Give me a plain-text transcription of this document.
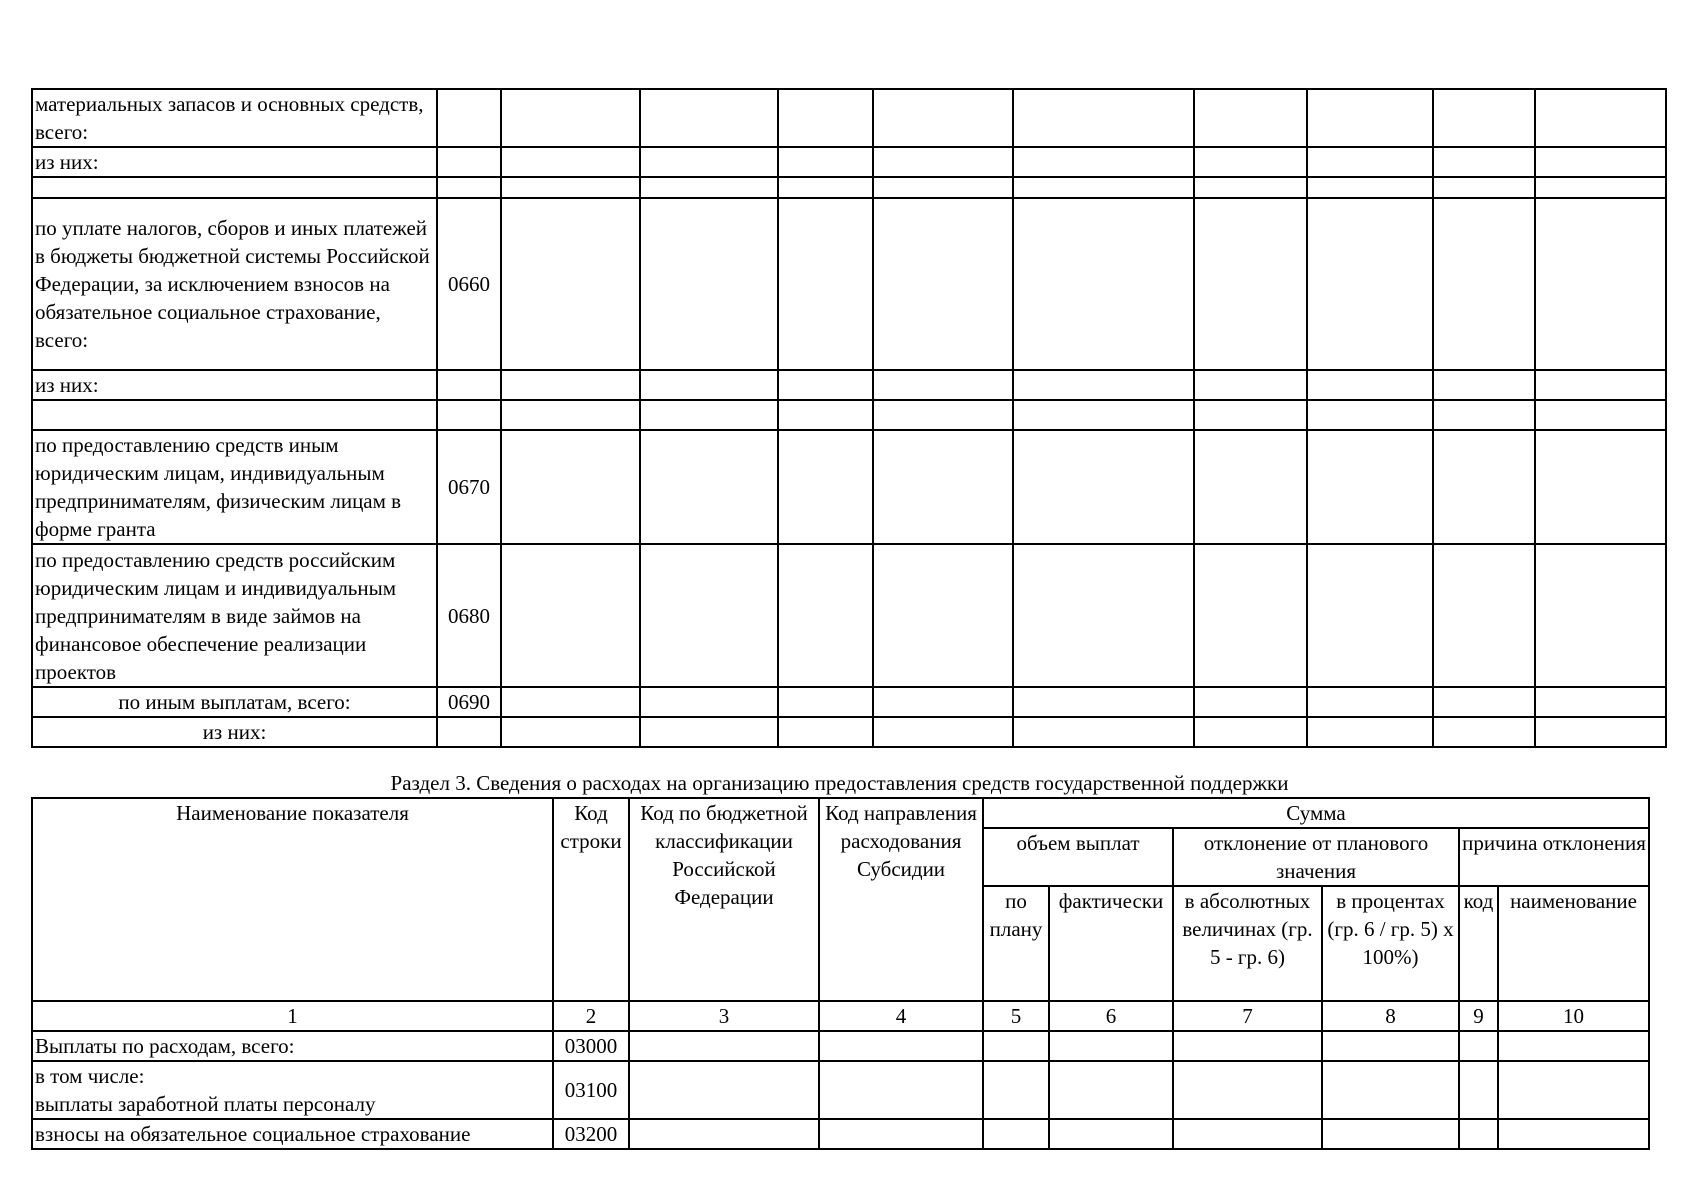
материальных запасов и основных средств, всего:										
из них:										

по уплате налогов, сборов и иных платежей в бюджеты бюджетной системы Российской Федерации, за исключением взносов на обязательное социальное страхование, всего:	0660									
из них:										

по предоставлению средств иным юридическим лицам, индивидуальным предпринимателям, физическим лицам в форме гранта	0670									
по предоставлению средств российским юридическим лицам и индивидуальным предпринимателям в виде займов на финансовое обеспечение реализации проектов	0680									
по иным выплатам, всего:	0690									
из них:										
Раздел 3. Сведения о расходах на организацию предоставления средств государственной поддержки
Наименование показателя	Код строки	Код по бюджетной классификации Российской Федерации	Код направления расходования Субсидии	Сумма					
				объем выплат		отклонение от планового значения		причина отклонения	
				по плану	фактически	в абсолютных величинах (гр. 5 - гр. 6)	в процентах (гр. 6 / гр. 5) x 100%)	код	наименование
1	2	3	4	5	6	7	8	9	10
Выплаты по расходам, всего:	03000								
в том числе:
выплаты заработной платы персоналу	03100								
взносы на обязательное социальное страхование	03200								
